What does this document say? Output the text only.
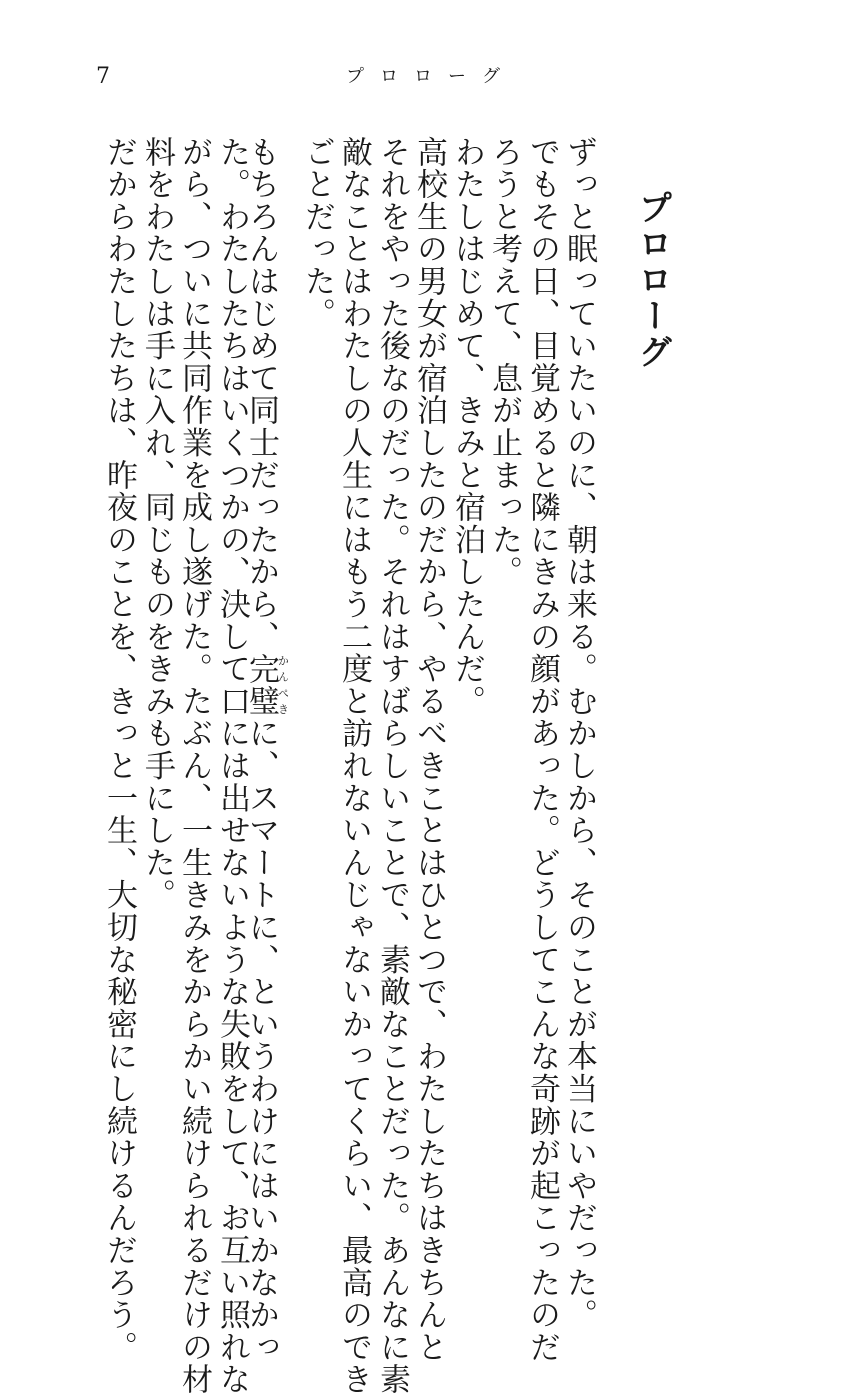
7	プロローグ
プロローグ
ずっと眠っていたいのに、朝は来る。むかしから、そのことが本当にいやだった。
でもその日、目覚めると隣にきみの顔があった。どうしてこんな奇跡が起こったのだ
ろうと考えて、息が止まった。
わたしはじめて、きみと宿泊したんだ。
高校生の男女が宿泊したのだから、やるべきことはひとつで、わたしたちはきちんと
それをやった後なのだった。それはすばらしいことで、素敵なことだった。あんなに素
敵なことはわたしの人生にはもう二度と訪れないんじゃないかってくらい、最高のでき
ごとだった。
もちろんはじめて同士だったから、完璧かんぺきに、スマートに、というわけにはいかなかっ
た。わたしたちはいくつかの、決して口には出せないような失敗をして、お互い照れな
がら、ついに共同作業を成し遂げた。たぶん、一生きみをからかい続けられるだけの材
料をわたしは手に入れ、同じものをきみも手にした。
だからわたしたちは、昨夜のことを、きっと一生、大切な秘密にし続けるんだろう。
